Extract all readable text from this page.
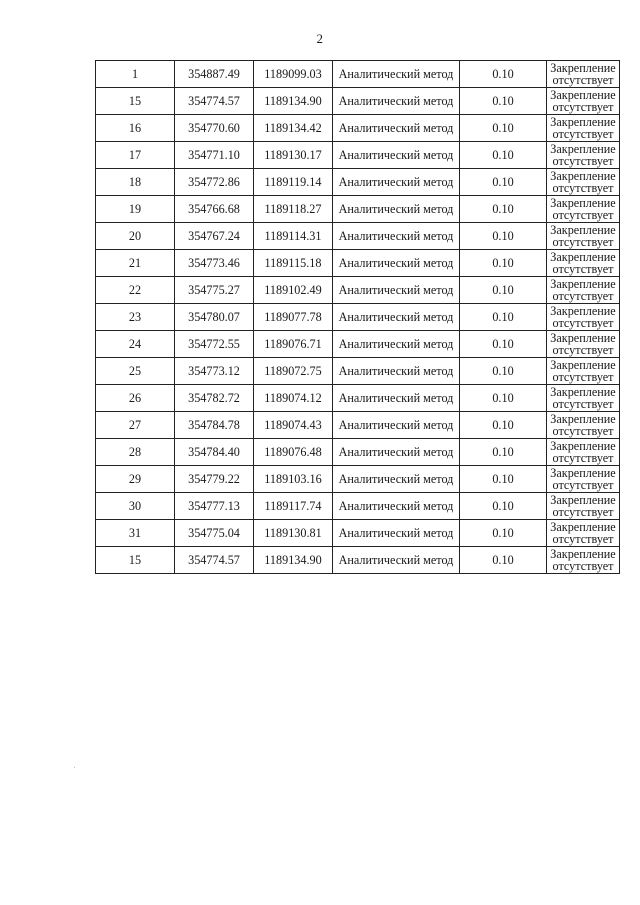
2
1	354887.49	1189099.03	Аналитический метод	0.10	Закрепление
отсутствует

15	354774.57	1189134.90	Аналитический метод	0.10	Закрепление
отсутствует

16	354770.60	1189134.42	Аналитический метод	0.10	Закрепление
отсутствует

17	354771.10	1189130.17	Аналитический метод	0.10	Закрепление
отсутствует

18	354772.86	1189119.14	Аналитический метод	0.10	Закрепление
отсутствует

19	354766.68	1189118.27	Аналитический метод	0.10	Закрепление
отсутствует

20	354767.24	1189114.31	Аналитический метод	0.10	Закрепление
отсутствует

21	354773.46	1189115.18	Аналитический метод	0.10	Закрепление
отсутствует

22	354775.27	1189102.49	Аналитический метод	0.10	Закрепление
отсутствует

23	354780.07	1189077.78	Аналитический метод	0.10	Закрепление
отсутствует

24	354772.55	1189076.71	Аналитический метод	0.10	Закрепление
отсутствует

25	354773.12	1189072.75	Аналитический метод	0.10	Закрепление
отсутствует

26	354782.72	1189074.12	Аналитический метод	0.10	Закрепление
отсутствует

27	354784.78	1189074.43	Аналитический метод	0.10	Закрепление
отсутствует

28	354784.40	1189076.48	Аналитический метод	0.10	Закрепление
отсутствует

29	354779.22	1189103.16	Аналитический метод	0.10	Закрепление
отсутствует

30	354777.13	1189117.74	Аналитический метод	0.10	Закрепление
отсутствует

31	354775.04	1189130.81	Аналитический метод	0.10	Закрепление
отсутствует

15	354774.57	1189134.90	Аналитический метод	0.10	Закрепление
отсутствует
